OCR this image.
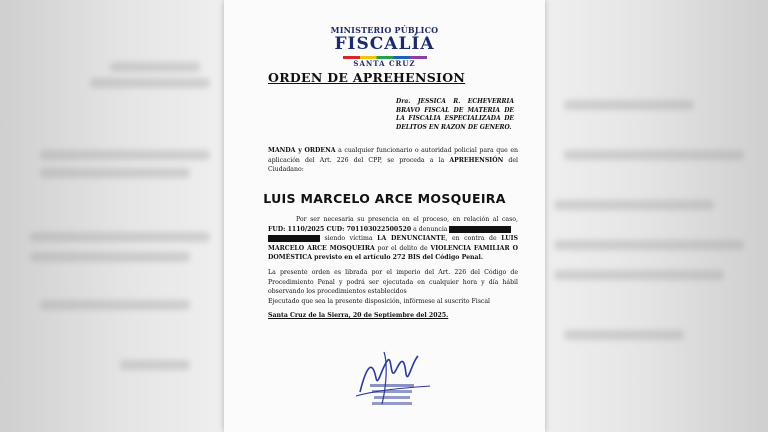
MINISTERIO PÚBLICO
FISCALÍA
SANTA CRUZ
ORDEN DE APREHENSION
Dra. JESSICA R. ECHEVERRIA BRAVO FISCAL DE MATERIA DE LA FISCALIA ESPECIALIZADA DE DELITOS EN RAZON DE GENERO.
MANDA y ORDENA a cualquier funcionario o autoridad policial para que en aplicación del Art. 226 del CPP, se proceda a la APREHENSIÓN del Ciudadano:
LUIS MARCELO ARCE MOSQUEIRA
Por ser necesaria su presencia en el proceso, en relación al caso, FUD: 1110/2025 CUD: 701103022500520 a denuncia
siendo víctima LA DENUNCIANTE, en contra de LUIS MARCELO ARCE MOSQUEIRA por el delito de VIOLENCIA FAMILIAR O DOMÉSTICA previsto en el artículo 272 BIS del Código Penal.
La presente orden es librada por el imperio del Art. 226 del Código de Procedimiento Penal y podrá ser ejecutada en cualquier hora y día hábil observando los procedimientos establecidos
Ejecutado que sea la presente disposición, infórmese al suscrito Fiscal
Santa Cruz de la Sierra, 20 de Septiembre del 2025.
